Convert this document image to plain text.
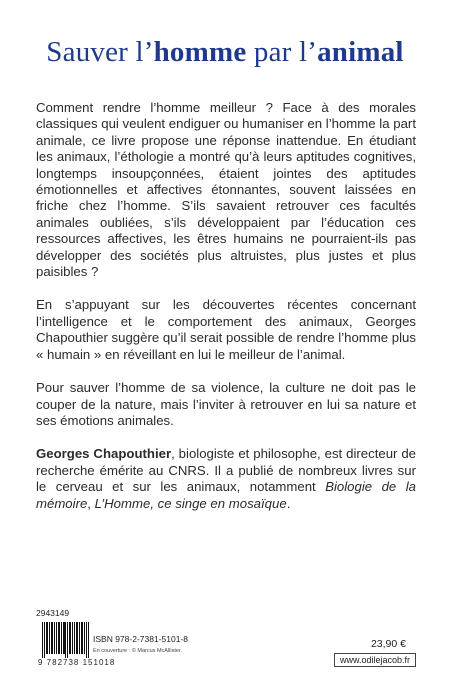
Sauver l’homme par l’animal

Comment rendre l’homme meilleur ? Face à des morales classiques qui veulent endiguer ou humaniser en l’homme la part animale, ce livre propose une réponse inattendue. En étudiant les animaux, l’éthologie a montré qu’à leurs aptitudes cognitives, longtemps insoupçonnées, étaient jointes des aptitudes émotionnelles et affectives étonnantes, souvent laissées en friche chez l’homme. S’ils savaient retrouver ces facultés animales oubliées, s’ils développaient par l’éducation ces ressources affectives, les êtres humains ne pourraient-ils pas développer des sociétés plus altruistes, plus justes et plus paisibles ?

En s’appuyant sur les découvertes récentes concernant l’intelligence et le comportement des animaux, Georges Chapouthier suggère qu’il serait possible de rendre l’homme plus « humain » en réveillant en lui le meilleur de l’animal.

Pour sauver l’homme de sa violence, la culture ne doit pas le couper de la nature, mais l’inviter à retrouver en lui sa nature et ses émotions animales.

Georges Chapouthier, biologiste et philosophe, est directeur de recherche émérite au CNRS. Il a publié de nombreux livres sur le cerveau et sur les animaux, notamment Biologie de la mémoire, L’Homme, ce singe en mosaïque.

2943149
9 782738 151018
ISBN 978-2-7381-5101-8
En couverture : © Marcus McAllister.
23,90 €
www.odilejacob.fr
